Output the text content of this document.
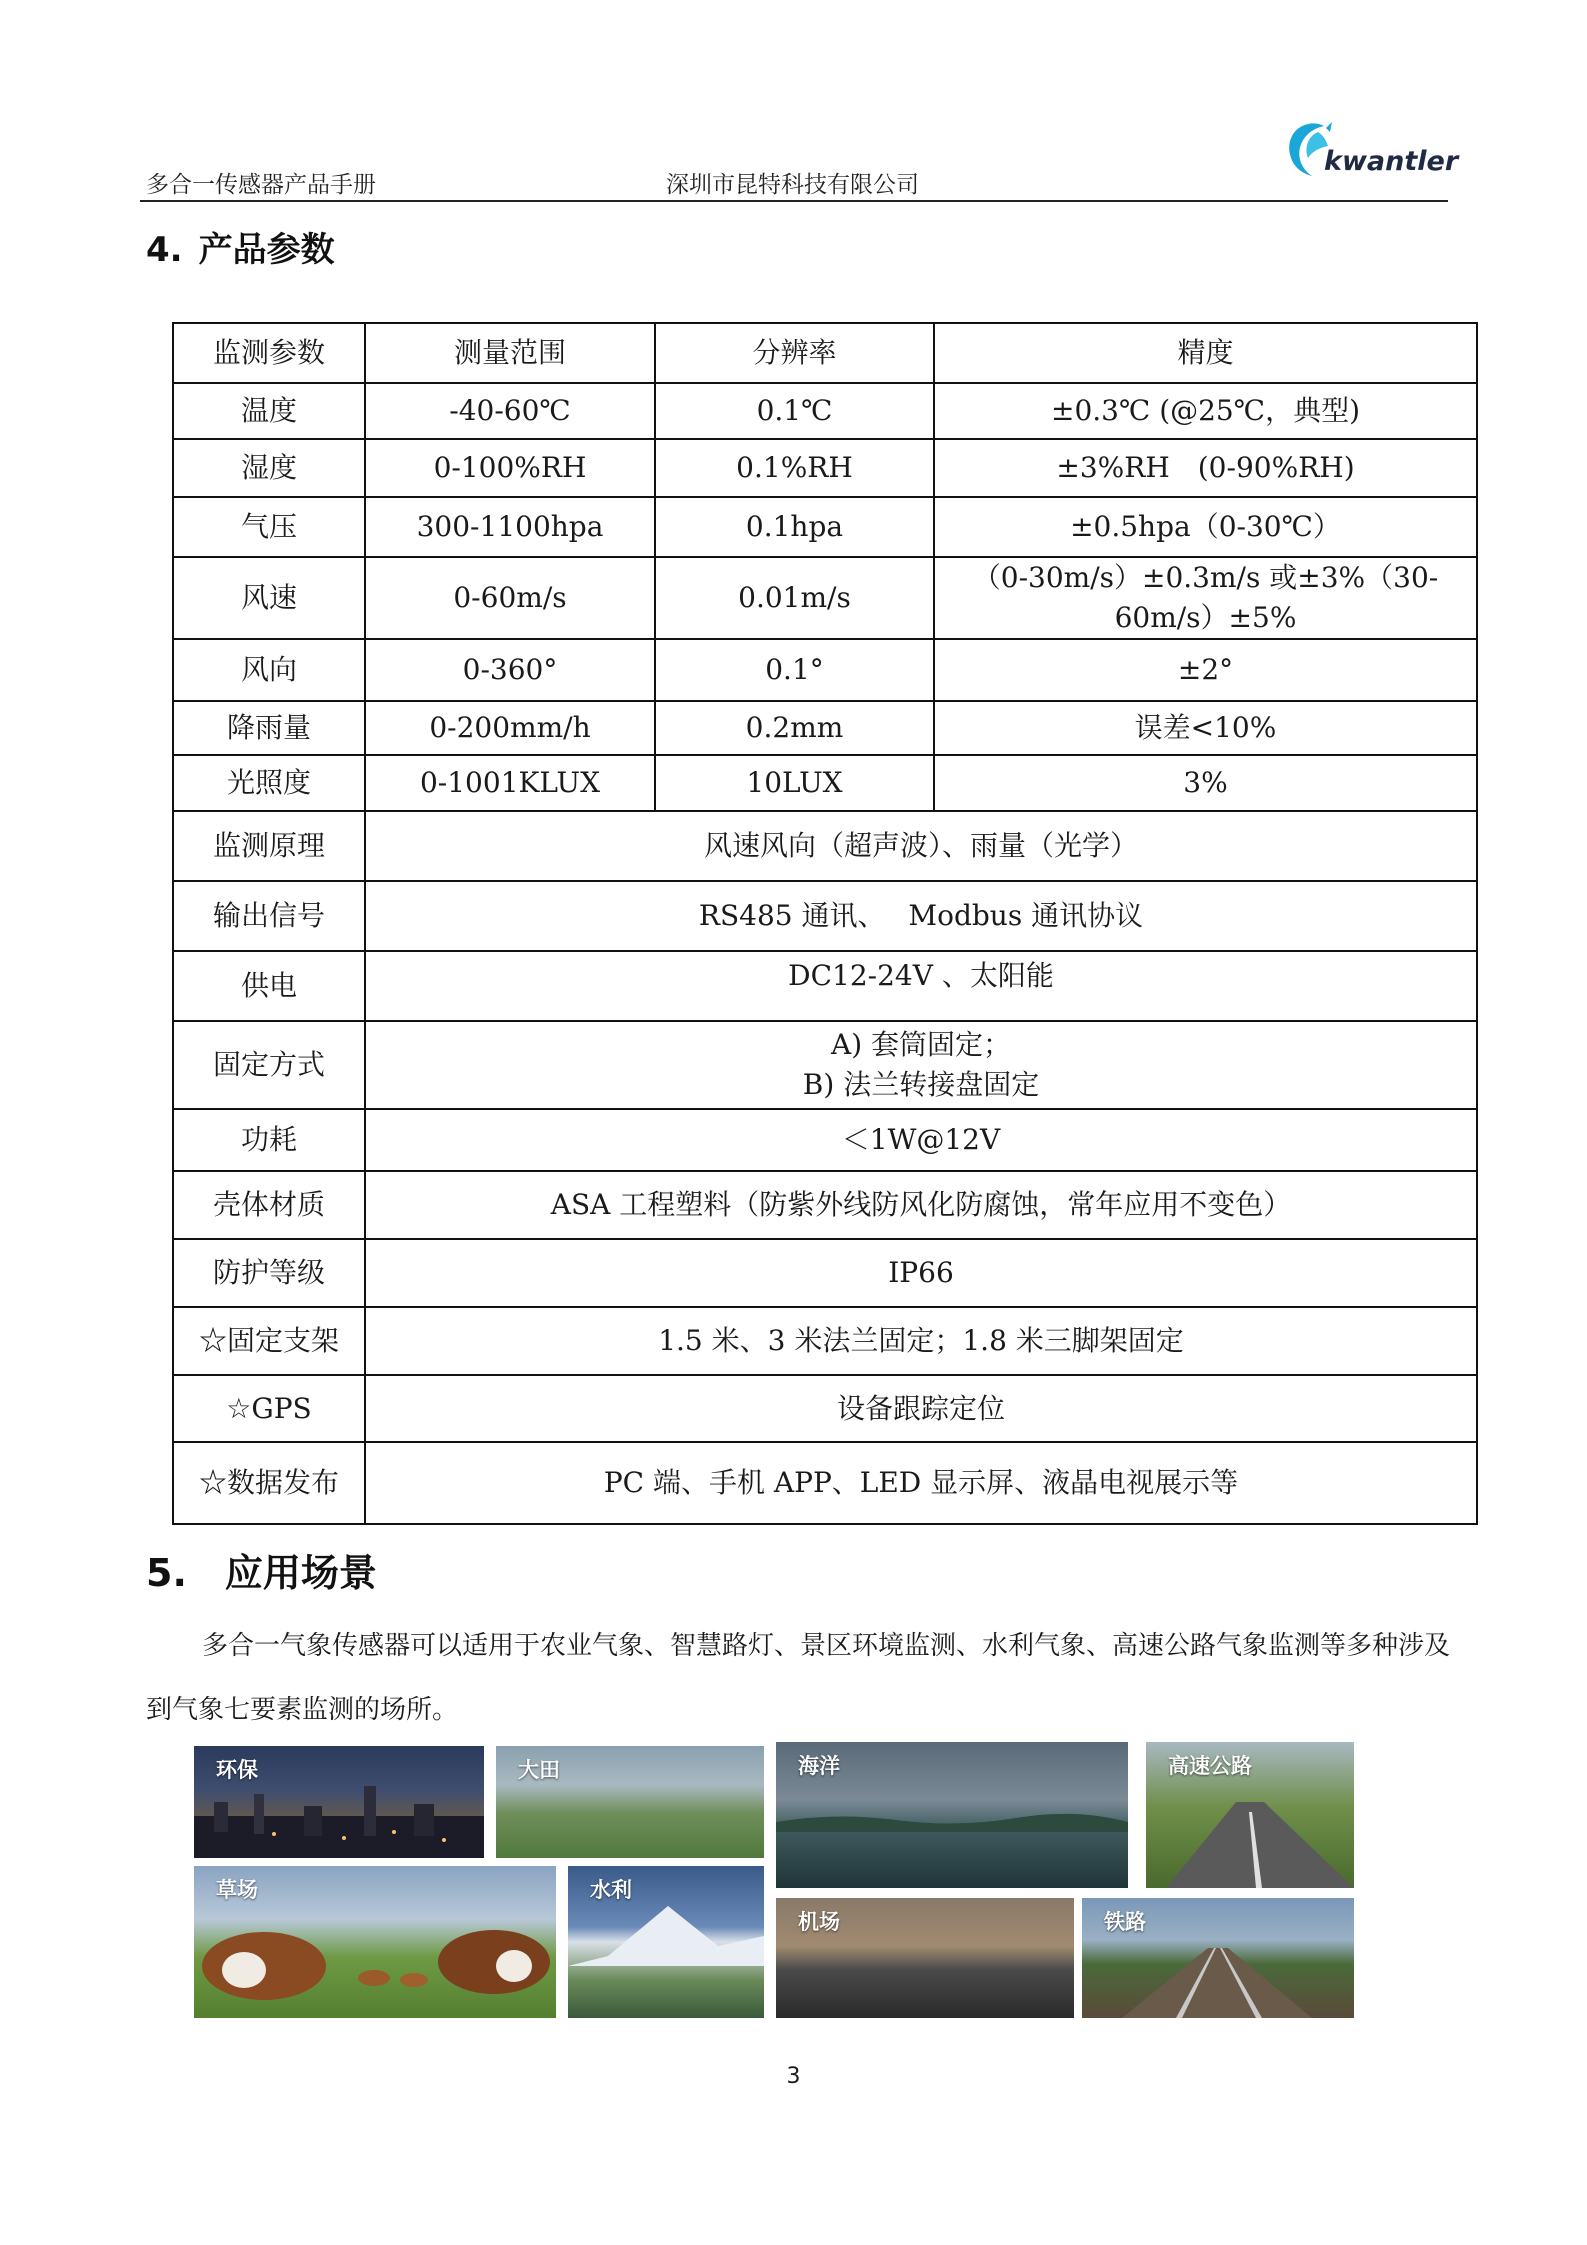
多合一传感器产品手册	深圳市昆特科技有限公司
kwantler
4. 产品参数
监测参数	测量范围	分辨率	精度
温度	-40-60℃	0.1℃	±0.3℃ (@25℃，典型)
湿度	0-100%RH	0.1%RH	±3%RH　(0-90%RH)
气压	300-1100hpa	0.1hpa	±0.5hpa（0-30℃）
风速	0-60m/s	0.01m/s	（0-30m/s）±0.3m/s 或±3%（30-60m/s）±5%
风向	0-360°	0.1°	±2°
降雨量	0-200mm/h	0.2mm	误差<10%
光照度	0-1001KLUX	10LUX	3%
监测原理	风速风向（超声波）、雨量（光学）		
输出信号	RS485 通讯、　 Modbus 通讯协议		
供电	DC12-24V 、太阳能		
固定方式	A) 套筒固定；
B) 法兰转接盘固定		

功耗	＜1W@12V		
壳体材质	ASA 工程塑料（防紫外线防风化防腐蚀，常年应用不变色）		
防护等级	IP66		
☆固定支架	1.5 米、3 米法兰固定；1.8 米三脚架固定		
☆GPS	设备跟踪定位		
☆数据发布	PC 端、手机 APP、LED 显示屏、液晶电视展示等		
5. 应用场景
多合一气象传感器可以适用于农业气象、智慧路灯、景区环境监测、水利气象、高速公路气象监测等多种涉及到气象七要素监测的场所。
环保	大田	海洋	高速公路
草场	水利
机场	铁路
3
